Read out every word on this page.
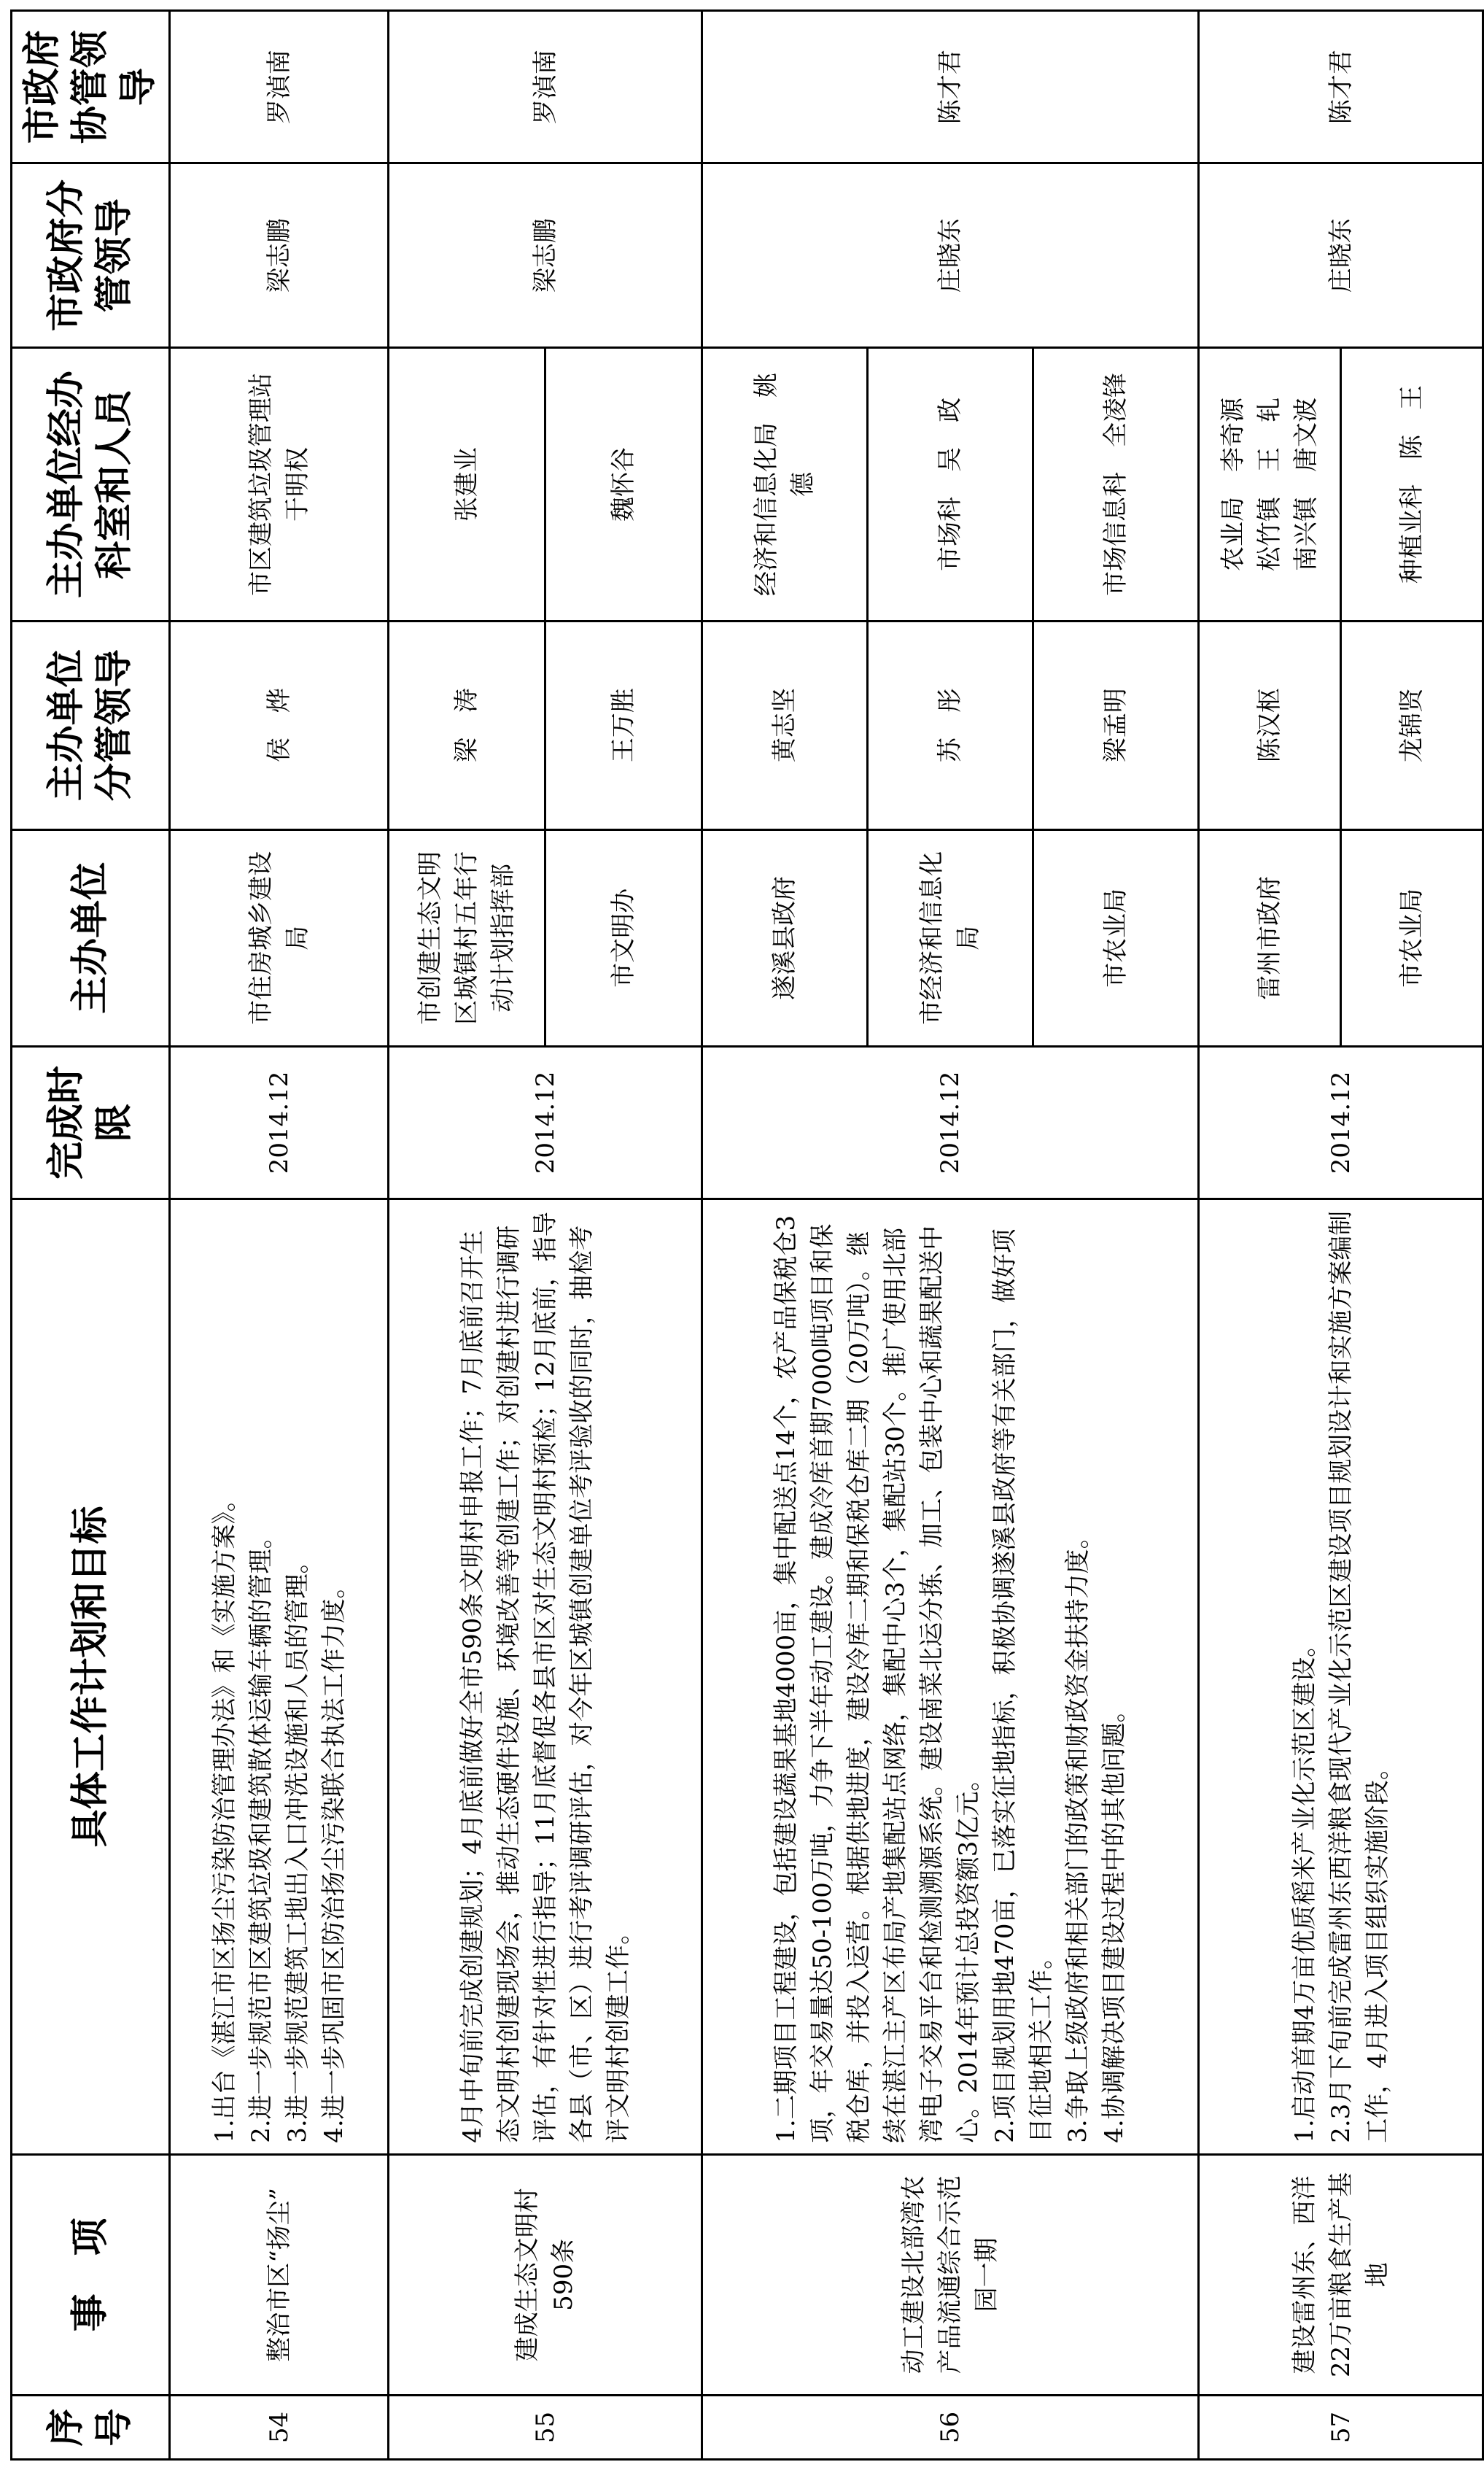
序号	事　项	具体工作计划和目标	完成时限	主办单位	主办单位分管领导	主办单位经办科室和人员	市政府分管领导	市政府协管领导
54	整治市区“扬尘”	1.出台《湛江市区扬尘污染防治管理办法》和《实施方案》。 2.进一步规范市区建筑垃圾和建筑散体运输车辆的管理。 3.进一步规范建筑工地出入口冲洗设施和人员的管理。 4.进一步巩固市区防治扬尘污染联合执法工作力度。	2014.12	市住房城乡建设局	侯　烨	市区建筑垃圾管理站　于明权	梁志鹏	罗湞南
55	建成生态文明村590条	4月中旬前完成创建规划；4月底前做好全市590条文明村申报工作；7月底前召开生态文明村创建现场会，推动生态硬件设施、环境改善等创建工作；对创建村进行调研评估，有针对性进行指导；11月底督促各县市区对生态文明村预检；12月底前，指导各县（市、区）进行考评调研评估，对今年区城镇创建单位考评验收的同时，抽检考评文明村创建工作。	2014.12	市创建生态文明区城镇村五年行动计划指挥部	梁　涛	张建业	梁志鹏	罗湞南
				市文明办	王万胜	魏怀谷		
56	动工建设北部湾农产品流通综合示范园一期	1.二期项目工程建设，包括建设蔬果基地4000亩，集中配送点14个，农产品保税仓3项，年交易量达50-100万吨，力争下半年动工建设。建成冷库首期7000吨项目和保税仓库，并投入运营。根据供地进度，建设冷库二期和保税仓库二期（20万吨）。继续在湛江主产区布局产地集配站点网络，集配中心3个，集配站30个。推广使用北部湾电子交易平台和检测溯源系统。建设南菜北运分拣、加工、包装中心和蔬果配送中心。2014年预计总投资额3亿元。 2.项目规划用地470亩，已落实征地指标，积极协调遂溪县政府等有关部门，做好项目征地相关工作。 3.争取上级政府和相关部门的政策和财政资金扶持力度。 4.协调解决项目建设过程中的其他问题。	2014.12	遂溪县政府	黄志坚	经济和信息化局　姚　德	庄晓东	陈才君
				市经济和信息化局	苏　彤	市场科　吴　政		
				市农业局	梁孟明	市场信息科　全凌锋		
57	建设雷州东、西洋22万亩粮食生产基地	1.启动首期4万亩优质稻米产业化示范区建设。 2.3月下旬前完成雷州东西洋粮食现代产业化示范区建设项目规划设计和实施方案编制工作，4月进入项目组织实施阶段。	2014.12	雷州市政府	陈汉枢	农业局　李奇源 松竹镇　王　轧 南兴镇　唐文波	庄晓东	陈才君
				市农业局	龙锦贤	种植业科　陈　王		
